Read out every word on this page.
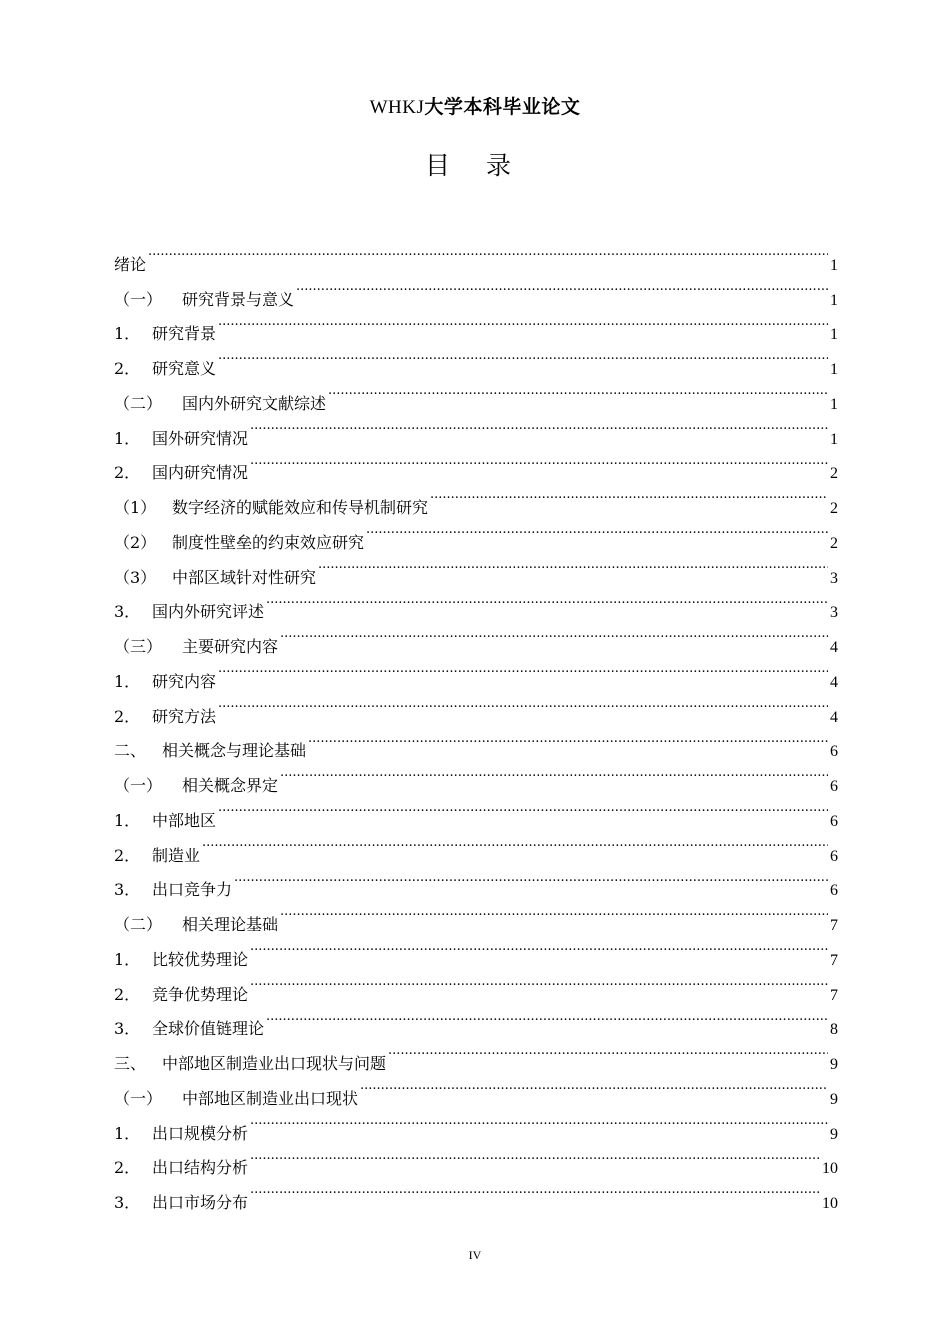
WHKJ大学本科毕业论文
目 录
绪论 .....	1
（一）	研究背景与意义 .....	1
1． 研究背景 .....	1
2． 研究意义 .....	1
（二）	国内外研究文献综述 .....	1
1． 国外研究情况 .....	1
2． 国内研究情况 .....	2
（1） 数字经济的赋能效应和传导机制研究 .....	2
（2） 制度性壁垒的约束效应研究 .....	2
（3） 中部区域针对性研究 .....	3
3． 国内外研究评述 .....	3
（三）	主要研究内容 .....	4
1． 研究内容 .....	4
2． 研究方法 .....	4
二、 相关概念与理论基础 .....	6
（一）	相关概念界定 .....	6
1． 中部地区 .....	6
2． 制造业 .....	6
3． 出口竞争力 .....	6
（二）	相关理论基础 .....	7
1． 比较优势理论 .....	7
2． 竞争优势理论 .....	7
3． 全球价值链理论 .....	8
三、 中部地区制造业出口现状与问题 .....	9
（一）	中部地区制造业出口现状 .....	9
1． 出口规模分析 .....	9
2． 出口结构分析 .....	10
3． 出口市场分布 .....	10
IV
